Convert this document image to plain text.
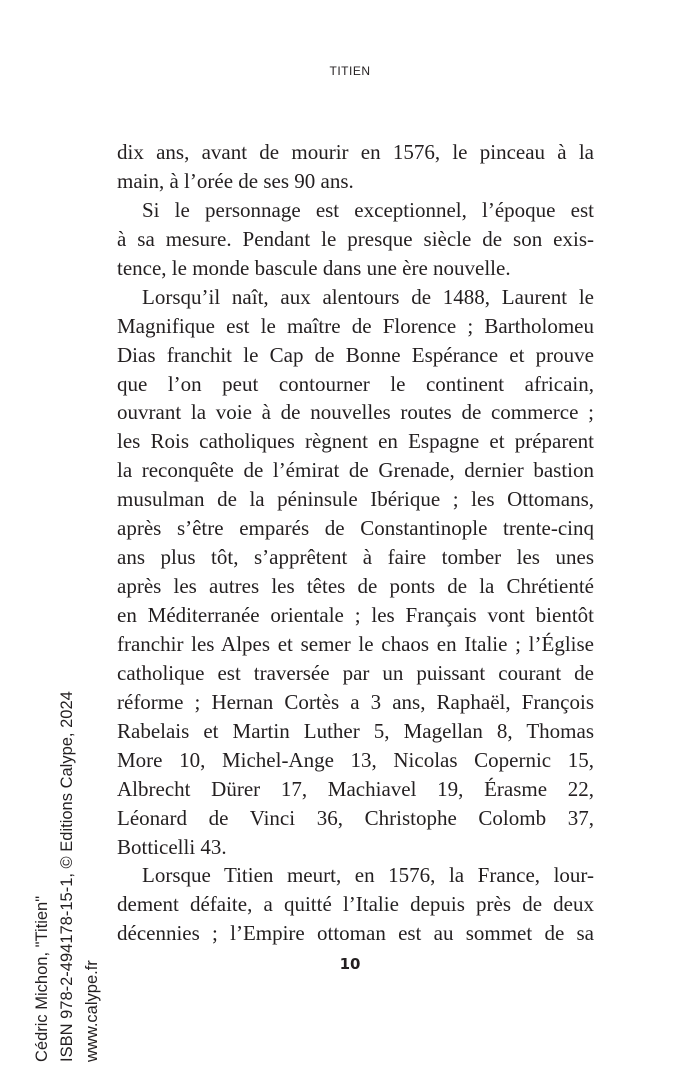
TITIEN
dix ans, avant de mourir en 1576, le pinceau à la
main, à l’orée de ses 90 ans.
Si le personnage est exceptionnel, l’époque est
à sa mesure. Pendant le presque siècle de son exis-
tence, le monde bascule dans une ère nouvelle.
Lorsqu’il naît, aux alentours de 1488, Laurent le
Magnifique est le maître de Florence ; Bartholomeu
Dias franchit le Cap de Bonne Espérance et prouve
que l’on peut contourner le continent africain,
ouvrant la voie à de nouvelles routes de commerce ;
les Rois catholiques règnent en Espagne et préparent
la reconquête de l’émirat de Grenade, dernier bastion
musulman de la péninsule Ibérique ; les Ottomans,
après s’être emparés de Constantinople trente-cinq
ans plus tôt, s’apprêtent à faire tomber les unes
après les autres les têtes de ponts de la Chrétienté
en Méditerranée orientale ; les Français vont bientôt
franchir les Alpes et semer le chaos en Italie ; l’Église
catholique est traversée par un puissant courant de
réforme ; Hernan Cortès a 3 ans, Raphaël, François
Rabelais et Martin Luther 5, Magellan 8, Thomas
More 10, Michel-Ange 13, Nicolas Copernic 15,
Albrecht Dürer 17, Machiavel 19, Érasme 22,
Léonard de Vinci 36, Christophe Colomb 37,
Botticelli 43.
Lorsque Titien meurt, en 1576, la France, lour-
dement défaite, a quitté l’Italie depuis près de deux
décennies ; l’Empire ottoman est au sommet de sa
10
Cédric Michon, "Titien" ISBN 978-2-494178-15-1, © Editions Calype, 2024 www.calype.fr
